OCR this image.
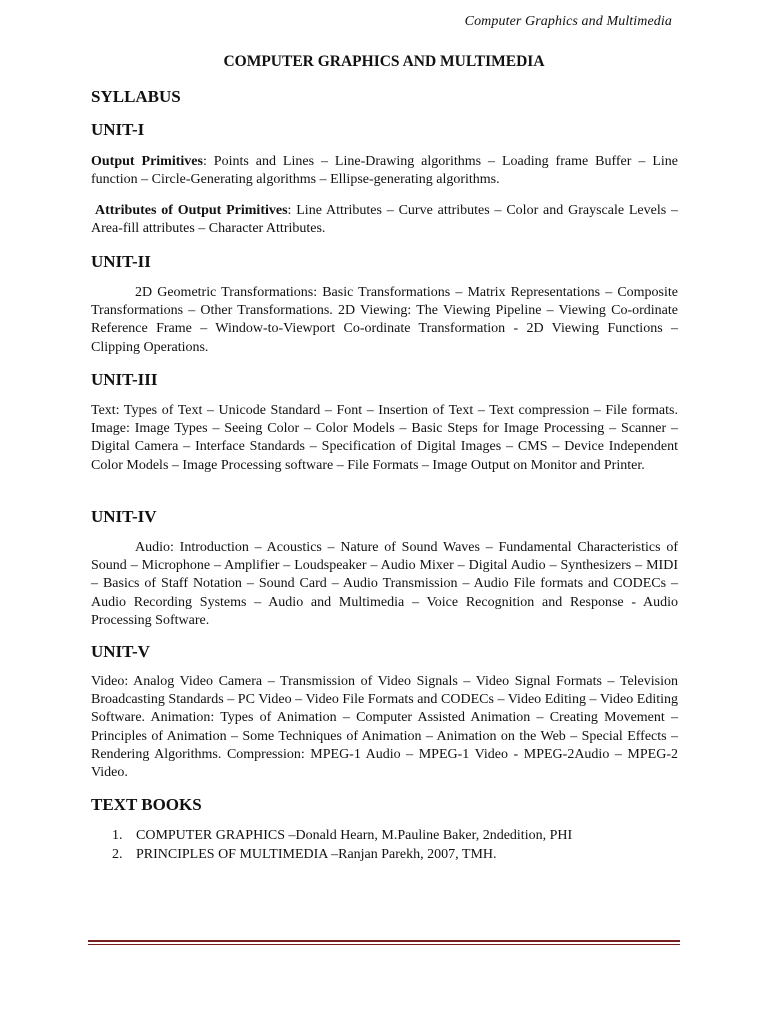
Computer Graphics and Multimedia
COMPUTER GRAPHICS AND MULTIMEDIA
SYLLABUS
UNIT-I
Output Primitives: Points and Lines – Line-Drawing algorithms – Loading frame Buffer – Line function – Circle-Generating algorithms – Ellipse-generating algorithms.
Attributes of Output Primitives: Line Attributes – Curve attributes – Color and Grayscale Levels – Area-fill attributes – Character Attributes.
UNIT-II
2D Geometric Transformations: Basic Transformations – Matrix Representations – Composite Transformations – Other Transformations. 2D Viewing: The Viewing Pipeline – Viewing Co-ordinate Reference Frame – Window-to-Viewport Co-ordinate Transformation - 2D Viewing Functions – Clipping Operations.
UNIT-III
Text: Types of Text – Unicode Standard – Font – Insertion of Text – Text compression – File formats. Image: Image Types – Seeing Color – Color Models – Basic Steps for Image Processing – Scanner – Digital Camera – Interface Standards – Specification of Digital Images – CMS – Device Independent Color Models – Image Processing software – File Formats – Image Output on Monitor and Printer.
UNIT-IV
Audio: Introduction – Acoustics – Nature of Sound Waves – Fundamental Characteristics of Sound – Microphone – Amplifier – Loudspeaker – Audio Mixer – Digital Audio – Synthesizers – MIDI – Basics of Staff Notation – Sound Card – Audio Transmission – Audio File formats and CODECs – Audio Recording Systems – Audio and Multimedia – Voice Recognition and Response - Audio Processing Software.
UNIT-V
Video: Analog Video Camera – Transmission of Video Signals – Video Signal Formats – Television Broadcasting Standards – PC Video – Video File Formats and CODECs – Video Editing – Video Editing Software. Animation: Types of Animation – Computer Assisted Animation – Creating Movement – Principles of Animation – Some Techniques of Animation – Animation on the Web – Special Effects – Rendering Algorithms. Compression: MPEG-1 Audio – MPEG-1 Video - MPEG-2Audio – MPEG-2 Video.
TEXT BOOKS
1. COMPUTER GRAPHICS –Donald Hearn, M.Pauline Baker, 2ndedition, PHI
2. PRINCIPLES OF MULTIMEDIA –Ranjan Parekh, 2007, TMH.
